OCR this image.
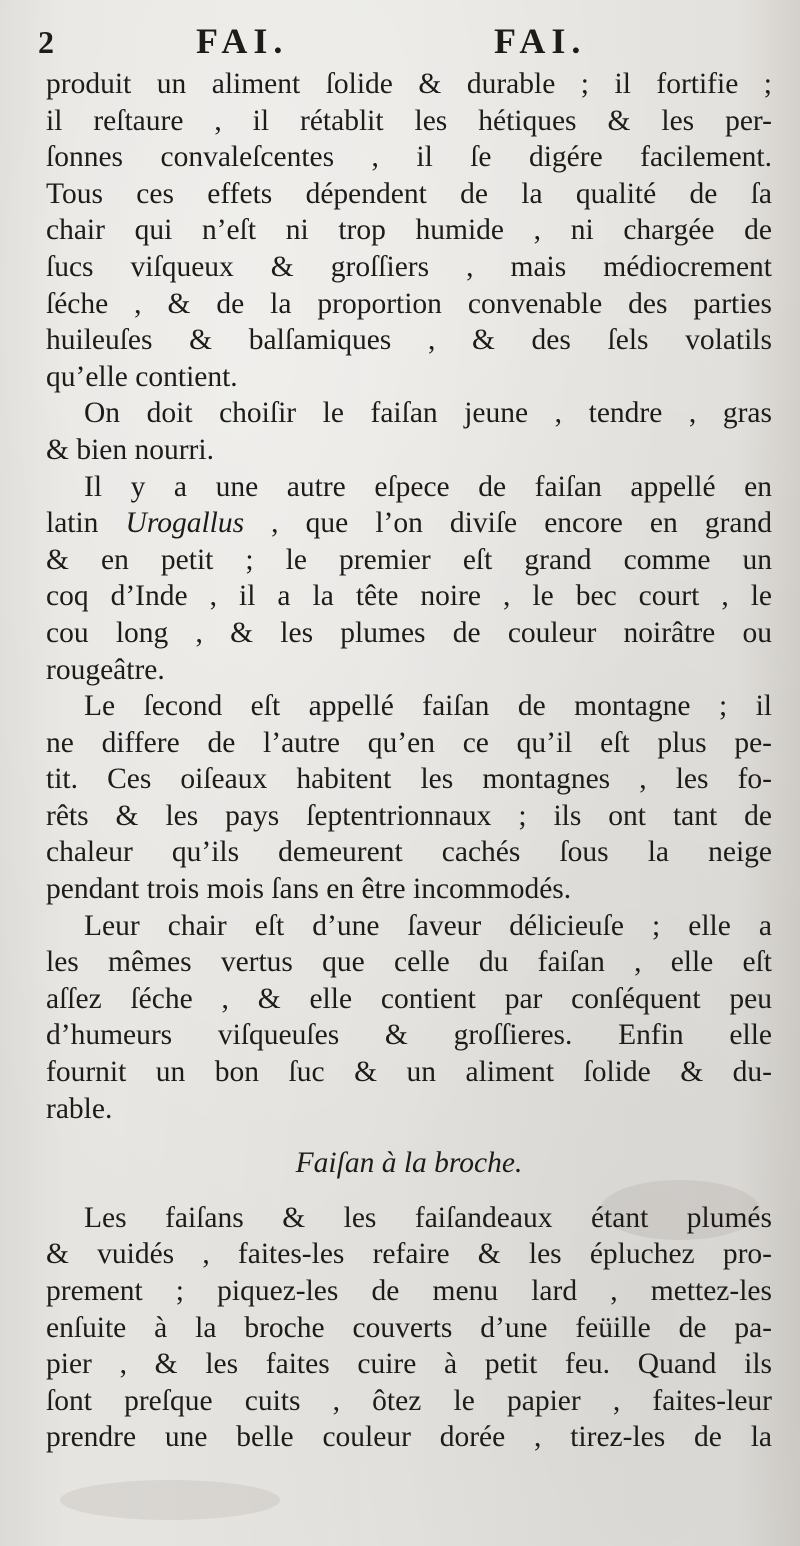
2	FAI.	FAI.
produit un aliment ſolide & durable ; il fortifie ;
il reſtaure , il rétablit les hétiques & les per-
ſonnes convaleſcentes , il ſe digére facilement.
Tous ces effets dépendent de la qualité de ſa
chair qui n’eſt ni trop humide , ni chargée de
ſucs viſqueux & groſſiers , mais médiocrement
ſéche , & de la proportion convenable des parties
huileuſes & balſamiques , & des ſels volatils
qu’elle contient.
On doit choiſir le faiſan jeune , tendre , gras
& bien nourri.
Il y a une autre eſpece de faiſan appellé en
latin Urogallus , que l’on diviſe encore en grand
& en petit ; le premier eſt grand comme un
coq d’Inde , il a la tête noire , le bec court , le
cou long , & les plumes de couleur noirâtre ou
rougeâtre.
Le ſecond eſt appellé faiſan de montagne ; il
ne differe de l’autre qu’en ce qu’il eſt plus pe-
tit. Ces oiſeaux habitent les montagnes , les fo-
rêts & les pays ſeptentrionnaux ; ils ont tant de
chaleur qu’ils demeurent cachés ſous la neige
pendant trois mois ſans en être incommodés.
Leur chair eſt d’une ſaveur délicieuſe ; elle a
les mêmes vertus que celle du faiſan , elle eſt
aſſez ſéche , & elle contient par conſéquent peu
d’humeurs viſqueuſes & groſſieres. Enfin elle
fournit un bon ſuc & un aliment ſolide & du-
rable.
Faiſan à la broche.
Les faiſans & les faiſandeaux étant plumés
& vuidés , faites-les refaire & les épluchez pro-
prement ; piquez-les de menu lard , mettez-les
enſuite à la broche couverts d’une feüille de pa-
pier , & les faites cuire à petit feu. Quand ils
ſont preſque cuits , ôtez le papier , faites-leur
prendre une belle couleur dorée , tirez-les de la
